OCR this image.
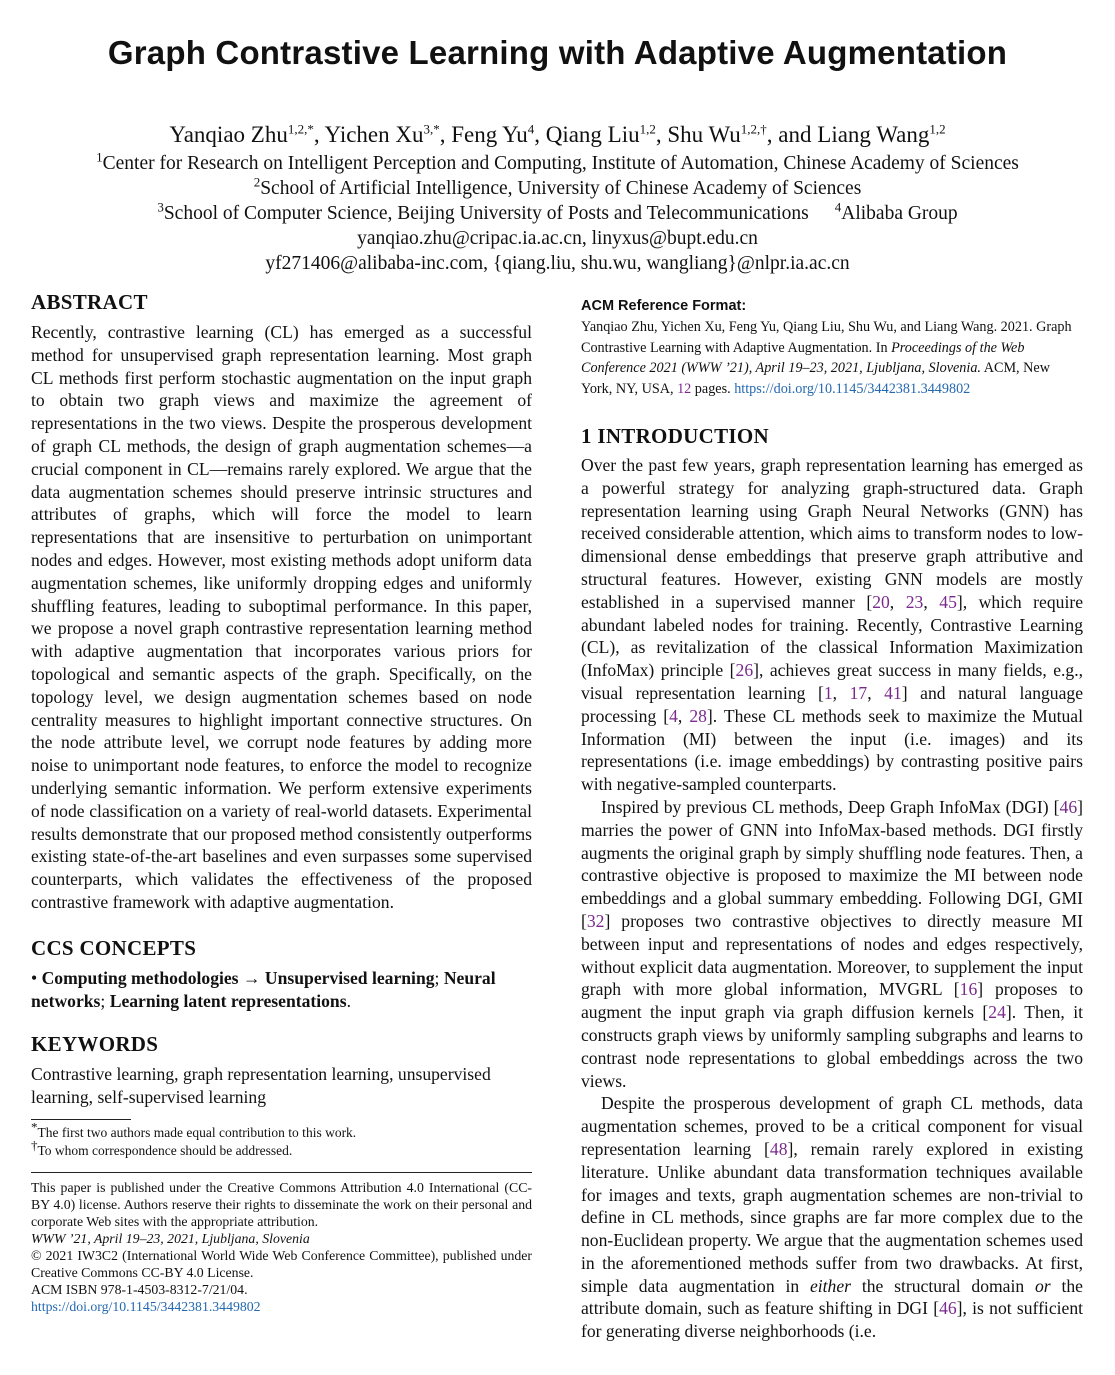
Graph Contrastive Learning with Adaptive Augmentation
Yanqiao Zhu$^{1,2,*}$, Yichen $Xu^{3,*}$, Feng Yu$^4$, Qiang Liu$^{1,2}$, Shu $Wu^{1,2,\dagger}$, and Liang Wang$^{1,2}$
$^1$Center for Research on Intelligent Perception and Computing, Institute of Automation, Chinese Academy of Sciences
$^2$School of Artificial Intelligence, University of Chinese Academy of Sciences
$^3$School of Computer Science, Beijing University of Posts and Telecommunications $^4$Alibaba Group
yanqiao.zhu@cripac.ia.ac.cn, linyxus@bupt.edu.cn
yf271406@alibaba-inc.com, {qiang.liu, shu.wu, wangliang}@nlpr.ia.ac.cn
ABSTRACT

Recently, contrastive learning (CL) has emerged as a successful method for unsupervised graph representation learning. Most graph CL methods first perform stochastic augmentation on the input graph to obtain two graph views and maximize the agreement of representations in the two views. Despite the prosperous development of graph CL methods, the design of graph augmentation schemes—a crucial component in CL—remains rarely explored. We argue that the data augmentation schemes should preserve intrinsic structures and attributes of graphs, which will force the model to learn representations that are insensitive to perturbation on unimportant nodes and edges. However, most existing methods adopt uniform data augmentation schemes, like uniformly dropping edges and uniformly shuffling features, leading to suboptimal performance. In this paper, we propose a novel graph contrastive representation learning method with adaptive augmentation that incorporates various priors for topological and semantic aspects of the graph. Specifically, on the topology level, we design augmentation schemes based on node centrality measures to highlight important connective structures. On the node attribute level, we corrupt node features by adding more noise to unimportant node features, to enforce the model to recognize underlying semantic information. We perform extensive experiments of node classification on a variety of real-world datasets. Experimental results demonstrate that our proposed method consistently outperforms existing state-of-the-art baselines and even surpasses some supervised counterparts, which validates the effectiveness of the proposed contrastive framework with adaptive augmentation.

CCS CONCEPTS

• Computing methodologies → Unsupervised learning; Neural networks; Learning latent representations.

KEYWORDS

Contrastive learning, graph representation learning, unsupervised learning, self-supervised learning

*The first two authors made equal contribution to this work.

†To whom correspondence should be addressed.

This paper is published under the Creative Commons Attribution 4.0 International (CC-BY 4.0) license. Authors reserve their rights to disseminate the work on their personal and corporate Web sites with the appropriate attribution.

WWW ’21, April 19–23, 2021, Ljubljana, Slovenia

© 2021 IW3C2 (International World Wide Web Conference Committee), published under Creative Commons CC-BY 4.0 License.

ACM ISBN 978-1-4503-8312-7/21/04.

https://doi.org/10.1145/3442381.3449802

ACM Reference Format:

Yanqiao Zhu, Yichen Xu, Feng Yu, Qiang Liu, Shu Wu, and Liang Wang. 2021. Graph Contrastive Learning with Adaptive Augmentation. In Proceedings of the Web Conference 2021 (WWW ’21), April 19–23, 2021, Ljubljana, Slovenia. ACM, New York, NY, USA, 12 pages. https://doi.org/10.1145/3442381.3449802

1 INTRODUCTION

Over the past few years, graph representation learning has emerged as a powerful strategy for analyzing graph-structured data. Graph representation learning using Graph Neural Networks (GNN) has received considerable attention, which aims to transform nodes to low-dimensional dense embeddings that preserve graph attributive and structural features. However, existing GNN models are mostly established in a supervised manner [20, 23, 45], which require abundant labeled nodes for training. Recently, Contrastive Learning (CL), as revitalization of the classical Information Maximization (InfoMax) principle [26], achieves great success in many fields, e.g., visual representation learning [1, 17, 41] and natural language processing [4, 28]. These CL methods seek to maximize the Mutual Information (MI) between the input (i.e. images) and its representations (i.e. image embeddings) by contrasting positive pairs with negative-sampled counterparts.

Inspired by previous CL methods, Deep Graph InfoMax (DGI) [46] marries the power of GNN into InfoMax-based methods. DGI firstly augments the original graph by simply shuffling node features. Then, a contrastive objective is proposed to maximize the MI between node embeddings and a global summary embedding. Following DGI, GMI [32] proposes two contrastive objectives to directly measure MI between input and representations of nodes and edges respectively, without explicit data augmentation. Moreover, to supplement the input graph with more global information, MVGRL [16] proposes to augment the input graph via graph diffusion kernels [24]. Then, it constructs graph views by uniformly sampling subgraphs and learns to contrast node representations to global embeddings across the two views.

Despite the prosperous development of graph CL methods, data augmentation schemes, proved to be a critical component for visual representation learning [48], remain rarely explored in existing literature. Unlike abundant data transformation techniques available for images and texts, graph augmentation schemes are non-trivial to define in CL methods, since graphs are far more complex due to the non-Euclidean property. We argue that the augmentation schemes used in the aforementioned methods suffer from two drawbacks. At first, simple data augmentation in either the structural domain or the attribute domain, such as feature shifting in DGI [46], is not sufficient for generating diverse neighborhoods (i.e.
